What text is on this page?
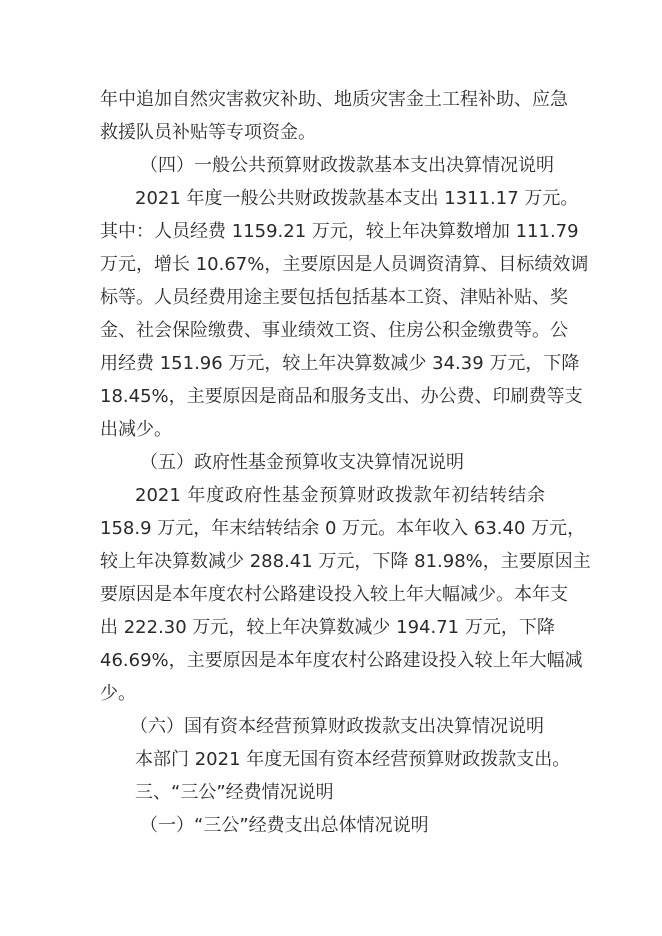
年中追加自然灾害救灾补助、地质灾害金土工程补助、应急
救援队员补贴等专项资金。
（四）一般公共预算财政拨款基本支出决算情况说明
2021 年度一般公共财政拨款基本支出 1311.17 万元。
其中：人员经费 1159.21 万元，较上年决算数增加 111.79
万元，增长 10.67%，主要原因是人员调资清算、目标绩效调
标等。人员经费用途主要包括包括基本工资、津贴补贴、奖
金、社会保险缴费、事业绩效工资、住房公积金缴费等。公
用经费 151.96 万元，较上年决算数减少 34.39 万元，下降
18.45%，主要原因是商品和服务支出、办公费、印刷费等支
出减少。
（五）政府性基金预算收支决算情况说明
2021 年度政府性基金预算财政拨款年初结转结余
158.9 万元，年末结转结余 0 万元。本年收入 63.40 万元，
较上年决算数减少 288.41 万元，下降 81.98%，主要原因主
要原因是本年度农村公路建设投入较上年大幅减少。本年支
出 222.30 万元，较上年决算数减少 194.71 万元，下降
46.69%，主要原因是本年度农村公路建设投入较上年大幅减
少。
（六）国有资本经营预算财政拨款支出决算情况说明
本部门 2021 年度无国有资本经营预算财政拨款支出。
三、“三公”经费情况说明
（一）“三公”经费支出总体情况说明
